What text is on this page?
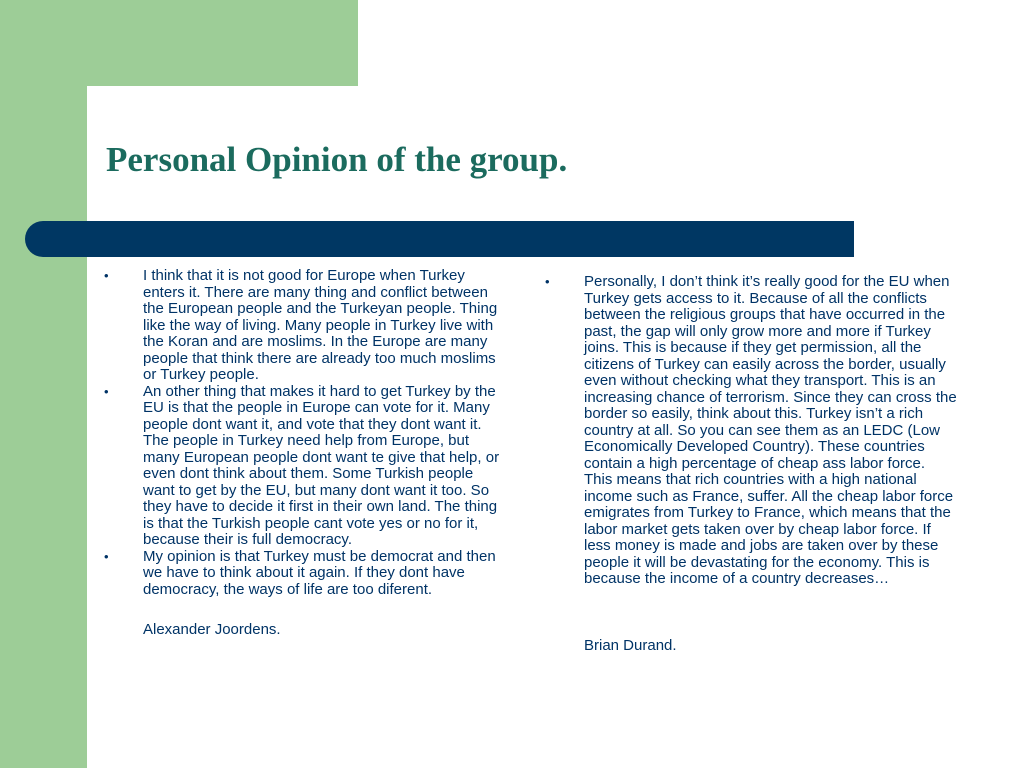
Personal Opinion of the group.
• I think that it is not good for Europe when Turkey enters it. There are many thing and conflict between the European people and the Turkeyan people. Thing like the way of living. Many people in Turkey live with the Koran and are moslims. In the Europe are many people that think there are already too much moslims or Turkey people.
• An other thing that makes it hard to get Turkey by the EU is that the people in Europe can vote for it. Many people dont want it, and vote that they dont want it. The people in Turkey need help from Europe, but many European people dont want te give that help, or even dont think about them. Some Turkish people want to get by the EU, but many dont want it too. So they have to decide it first in their own land. The thing is that the Turkish people cant vote yes or no for it, because their is full democracy.
• My opinion is that Turkey must be democrat and then we have to think about it again. If they dont have democracy, the ways of life are too diferent.
Alexander Joordens.
• Personally, I don’t think it’s really good for the EU when Turkey gets access to it. Because of all the conflicts between the religious groups that have occurred in the past, the gap will only grow more and more if Turkey joins. This is because if they get permission, all the citizens of Turkey can easily across the border, usually even without checking what they transport. This is an increasing chance of terrorism. Since they can cross the border so easily, think about this. Turkey isn’t a rich country at all. So you can see them as an LEDC (Low Economically Developed Country). These countries contain a high percentage of cheap ass labor force. This means that rich countries with a high national income such as France, suffer. All the cheap labor force emigrates from Turkey to France, which means that the labor market gets taken over by cheap labor force. If less money is made and jobs are taken over by these people it will be devastating for the economy. This is because the income of a country decreases…
Brian Durand.
